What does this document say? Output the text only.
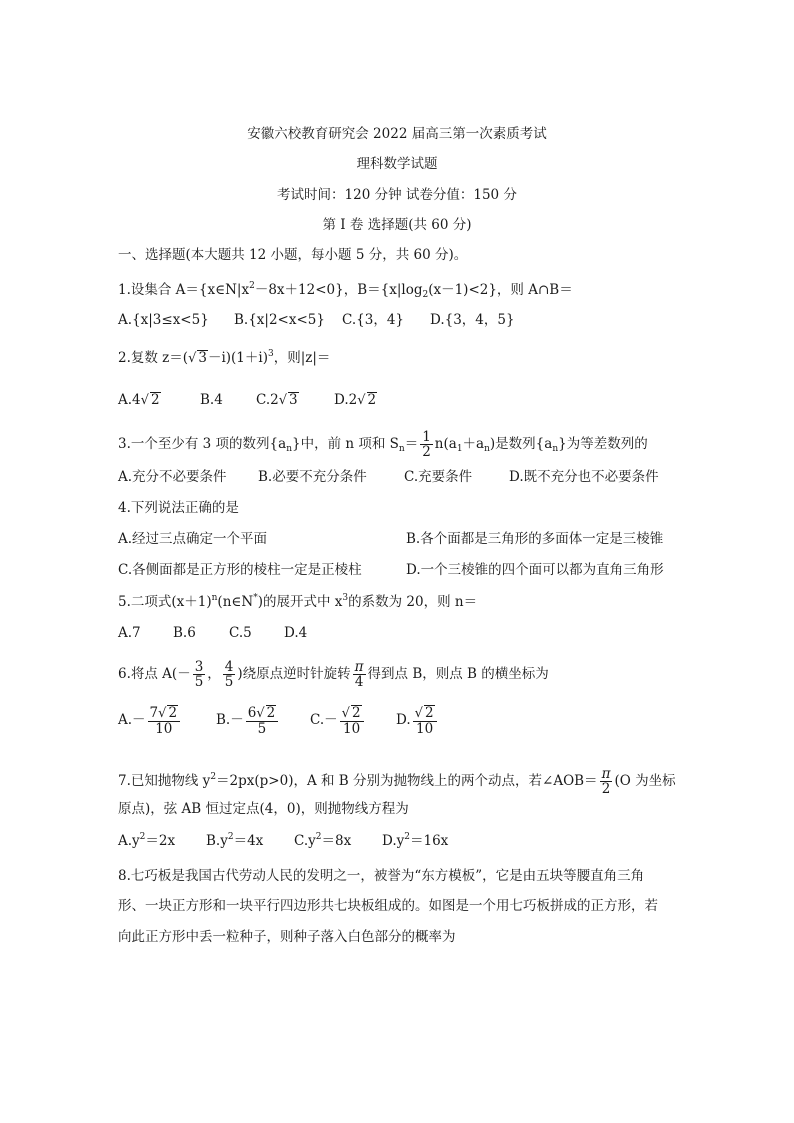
安徽六校教育研究会 2022 届高三第一次素质考试
理科数学试题
考试时间：120 分钟 试卷分值：150 分
第 I 卷 选择题(共 60 分)
一、选择题(本大题共 12 小题，每小题 5 分，共 60 分)。
1.设集合 $A=\{x\in N|x^2-8x+12<0\}$，$B=\{x|\log_2(x-1)<2\}$，则 A∩B＝
A.{x|3≤x<5} B.{x|2<x<5} C.{3，4} D.{3，4，5}
2.复数 z＝(√ $3-i)(1+i)^3$，则|z|＝
A.4√ 2	B.4 C.2√ 3	D.2√ 2
3.一个至少有 3 项的数列$\{a_n\}$中，前 n 项和 $S_n= \frac{1}{2} n(a_1+a_n)$是数列$\{a_n\}$为等差数列的
A.充分不必要条件 B.必要不充分条件	C.充要条件	D.既不充分也不必要条件
4.下列说法正确的是
A.经过三点确定一个平面	B.各个面都是三角形的多面体一定是三棱锥
C.各侧面都是正方形的棱柱一定是正棱柱	D.一个三棱锥的四个面可以都为直角三角形
5.二项式$(x+1)^n(n\in N^*)$的展开式中 $x^3$的系数为 20，则 n＝
A.7 B.6 C.5 D.4
6.将点 $A(- \frac{3}{5}$ ， $\frac{4}{5}$ )绕原点逆时针旋转 $\frac{\pi}{4}$ 得到点 B，则点 B 的横坐标为
$A.- \frac{7√ 2}{10}$	$B.- \frac{6√ 2}{5} C.- \frac{√ 2}{10} D$. $\frac{√ 2}{10}$
7.已知抛物线 $y^2=2px(p>0)$，A 和 B 分别为抛物线上的两个动点，若∠AOB＝ $\frac{\pi}{2} (O$ 为坐标
原点)，弦 AB 恒过定点(4，0)，则抛物线方程为
$A.y^2=2x$ $B.y^2=4x$ $C.y^2=8x$ $D.y^2=16x$
8.七巧板是我国古代劳动人民的发明之一，被誉为“东方模板”，它是由五块等腰直角三角
形、一块正方形和一块平行四边形共七块板组成的。如图是一个用七巧板拼成的正方形，若
向此正方形中丢一粒种子，则种子落入白色部分的概率为
